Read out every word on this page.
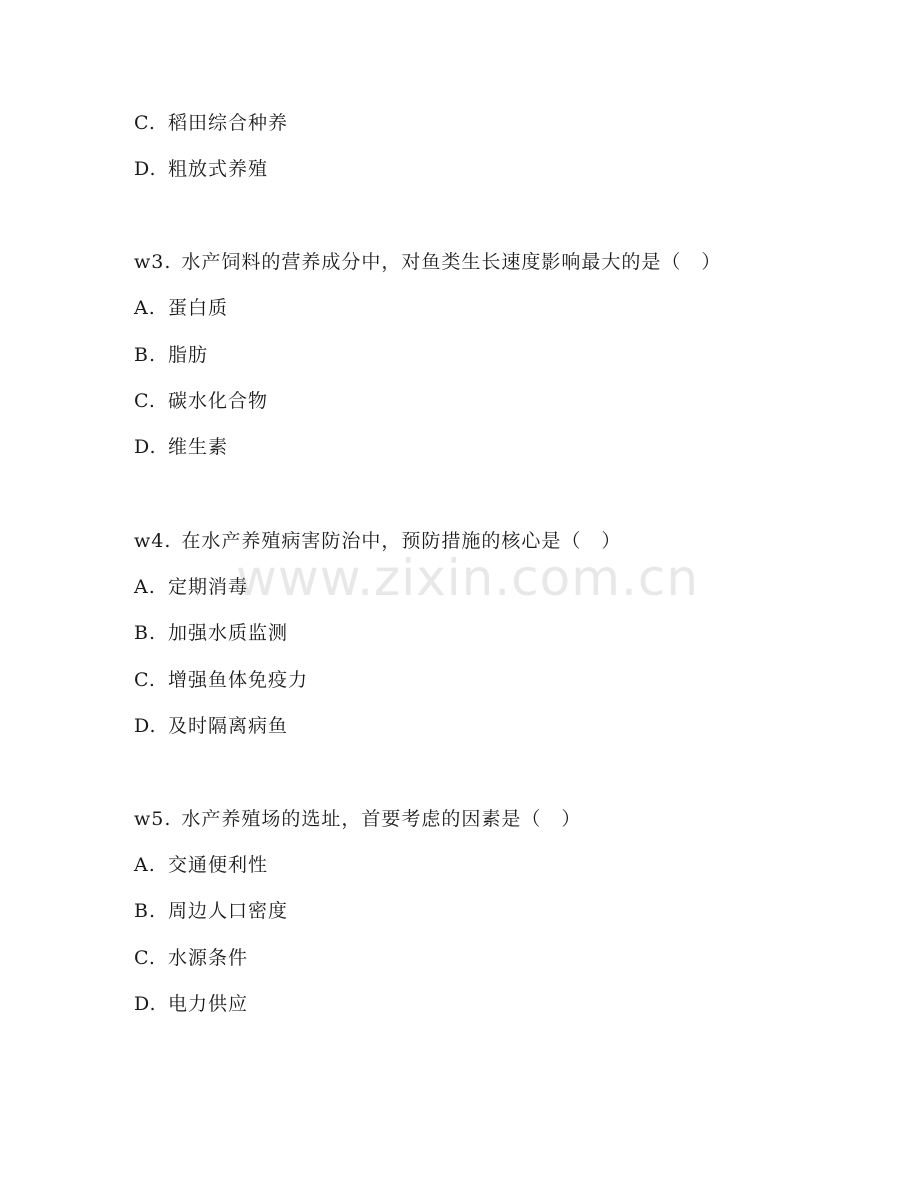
C. 稻田综合种养
D. 粗放式养殖
w3. 水产饲料的营养成分中，对鱼类生长速度影响最大的是（　）
A. 蛋白质
B. 脂肪
C. 碳水化合物
D. 维生素
w4. 在水产养殖病害防治中，预防措施的核心是（　）
A. 定期消毒
B. 加强水质监测
C. 增强鱼体免疫力
D. 及时隔离病鱼
w5. 水产养殖场的选址，首要考虑的因素是（　）
A. 交通便利性
B. 周边人口密度
C. 水源条件
D. 电力供应
www.zixin.com.cn
